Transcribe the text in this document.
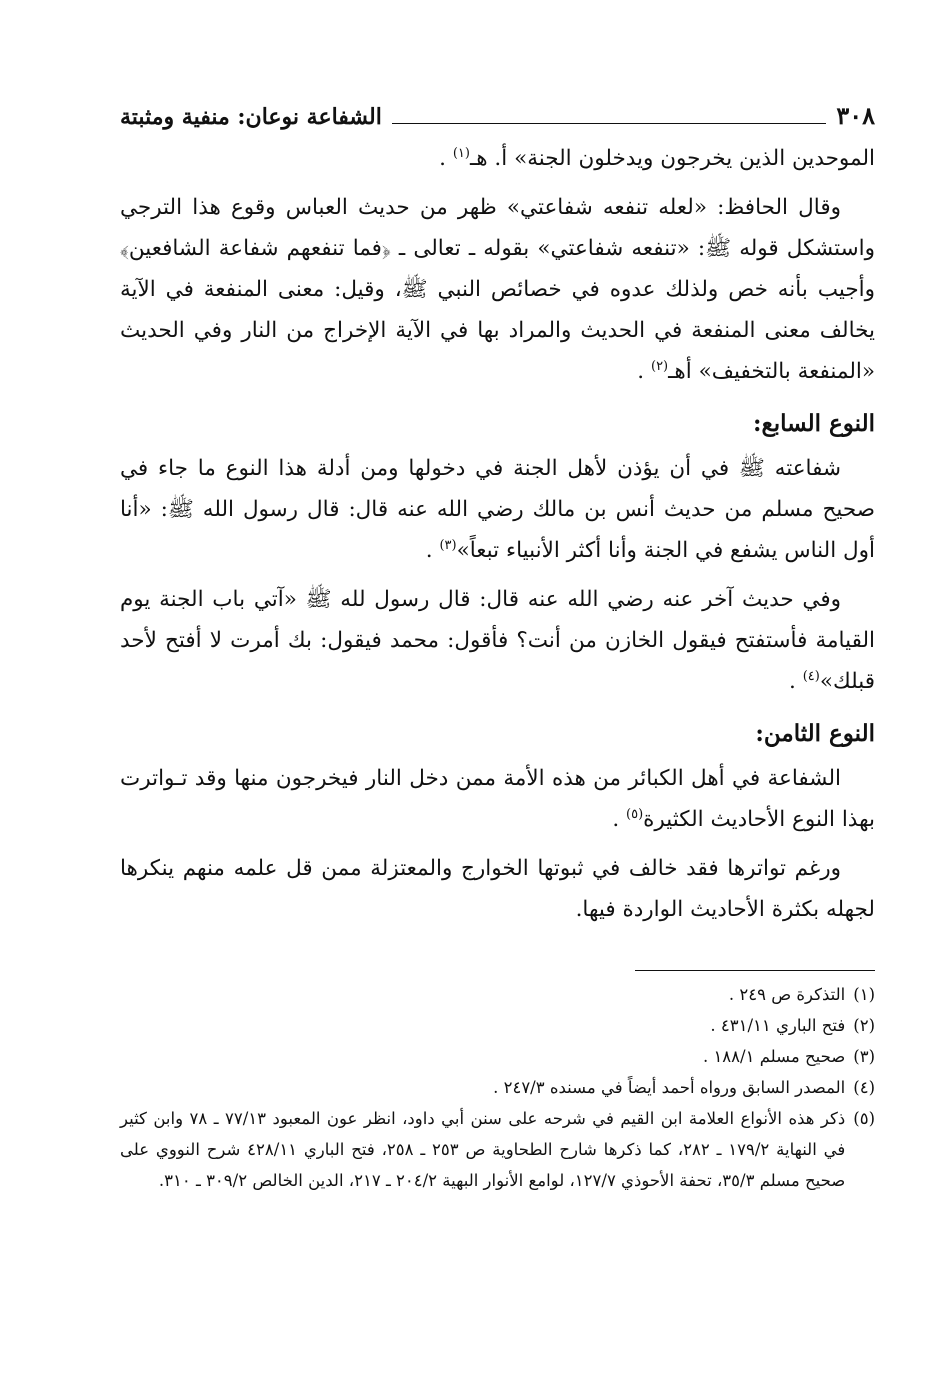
٣٠٨
الشفاعة نوعان: منفية ومثبتة

الموحدين الذين يخرجون ويدخلون الجنة» أ. هـ$^{(١)}$ .

وقال الحافظ: «لعله تنفعه شفاعتي» ظهر من حديث العباس وقوع هذا الترجي واستشكل قوله ﷺ: «تنفعه شفاعتي» بقوله ـ تعالى ـ ﴿فما تنفعهم شفاعة الشافعين﴾ وأجيب بأنه خص ولذلك عدوه في خصائص النبي ﷺ، وقيل: معنى المنفعة في الآية يخالف معنى المنفعة في الحديث والمراد بها في الآية الإخراج من النار وفي الحديث «المنفعة بالتخفيف» أهـ$^{(٢)}$ .

النوع السابع:

شفاعته ﷺ في أن يؤذن لأهل الجنة في دخولها ومن أدلة هذا النوع ما جاء في صحيح مسلم من حديث أنس بن مالك رضي الله عنه قال: قال رسول الله ﷺ: «أنا أول الناس يشفع في الجنة وأنا أكثر الأنبياء تبعاً»$^{(٣)}$ .

وفي حديث آخر عنه رضي الله عنه قال: قال رسول لله ﷺ «آتي باب الجنة يوم القيامة فأستفتح فيقول الخازن من أنت؟ فأقول: محمد فيقول: بك أمرت لا أفتح لأحد قبلك»$^{(٤)}$ .

النوع الثامن:

الشفاعة في أهل الكبائر من هذه الأمة ممن دخل النار فيخرجون منها وقد تـواترت بهذا النوع الأحاديث الكثيرة$^{(٥)}$ .

ورغم تواترها فقد خالف في ثبوتها الخوارج والمعتزلة ممن قل علمه منهم ينكرها لجهله بكثرة الأحاديث الواردة فيها.

(١)
التذكرة ص ٢٤٩ .
(٢)
فتح الباري ٤٣١/١١ .
(٣)
صحيح مسلم ١٨٨/١ .
(٤)
المصدر السابق ورواه أحمد أيضاً في مسنده ٢٤٧/٣ .
(٥)
ذكر هذه الأنواع العلامة ابن القيم في شرحه على سنن أبي داود، انظر عون المعبود ٧٧/١٣ ـ ٧٨ وابن كثير في النهاية ١٧٩/٢ ـ ٢٨٢، كما ذكرها شارح الطحاوية ص ٢٥٣ ـ ٢٥٨، فتح الباري ٤٢٨/١١ شرح النووي على صحيح مسلم ٣٥/٣، تحفة الأحوذي ١٢٧/٧، لوامع الأنوار البهية ٢٠٤/٢ ـ ٢١٧، الدين الخالص ٣٠٩/٢ ـ ٣١٠.
